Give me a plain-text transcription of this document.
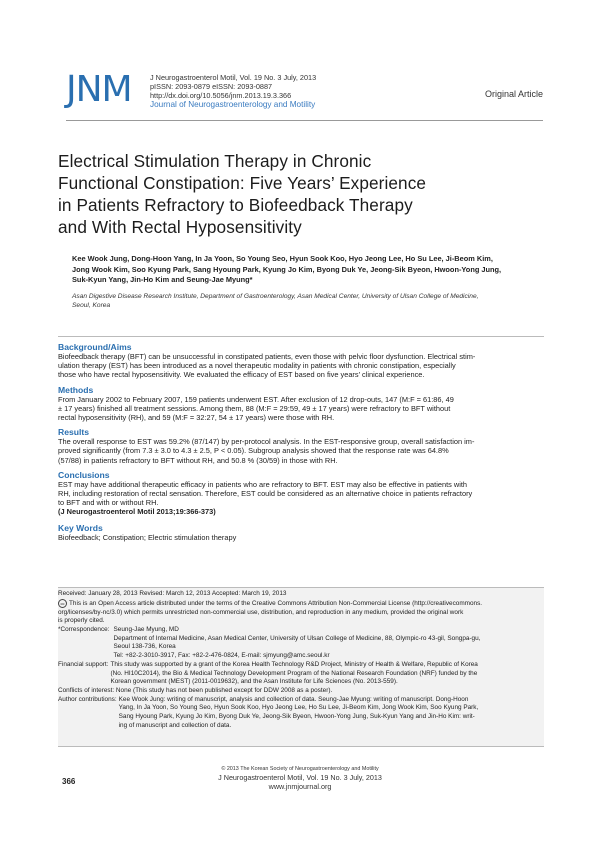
JNM	J Neurogastroenterol Motil, Vol. 19 No. 3 July, 2013
pISSN: 2093-0879 eISSN: 2093-0887
http://dx.doi.org/10.5056/jnm.2013.19.3.366
Journal of Neurogastroenterology and Motility
Original Article
Electrical Stimulation Therapy in Chronic
Functional Constipation: Five Years’ Experience
in Patients Refractory to Biofeedback Therapy
and With Rectal Hyposensitivity
Kee Wook Jung, Dong-Hoon Yang, In Ja Yoon, So Young Seo, Hyun Sook Koo, Hyo Jeong Lee, Ho Su Lee, Ji-Beom Kim,
Jong Wook Kim, Soo Kyung Park, Sang Hyoung Park, Kyung Jo Kim, Byong Duk Ye, Jeong-Sik Byeon, Hwoon-Yong Jung,
Suk-Kyun Yang, Jin-Ho Kim and Seung-Jae Myung*
Asan Digestive Disease Research Institute, Department of Gastroenterology, Asan Medical Center, University of Ulsan College of Medicine,
Seoul, Korea
Background/Aims
Biofeedback therapy (BFT) can be unsuccessful in constipated patients, even those with pelvic floor dysfunction. Electrical stim-
ulation therapy (EST) has been introduced as a novel therapeutic modality in patients with chronic constipation, especially
those who have rectal hyposensitivity. We evaluated the efficacy of EST based on five years’ clinical experience.
Methods
From January 2002 to February 2007, 159 patients underwent EST. After exclusion of 12 drop-outs, 147 (M:F = 61:86, 49
± 17 years) finished all treatment sessions. Among them, 88 (M:F = 29:59, 49 ± 17 years) were refractory to BFT without
rectal hyposensitivity (RH), and 59 (M:F = 32:27, 54 ± 17 years) were those with RH.
Results
The overall response to EST was 59.2% (87/147) by per-protocol analysis. In the EST-responsive group, overall satisfaction im-
proved significantly (from 7.3 ± 3.0 to 4.3 ± 2.5, P < 0.05). Subgroup analysis showed that the response rate was 64.8%
(57/88) in patients refractory to BFT without RH, and 50.8 % (30/59) in those with RH.
Conclusions
EST may have additional therapeutic efficacy in patients who are refractory to BFT. EST may also be effective in patients with
RH, including restoration of rectal sensation. Therefore, EST could be considered as an alternative choice in patients refractory
to BFT and with or without RH.
(J Neurogastroenterol Motil 2013;19:366-373)
Key Words
Biofeedback; Constipation; Electric stimulation therapy
Received: January 28, 2013 Revised: March 12, 2013 Accepted: March 19, 2013
cc This is an Open Access article distributed under the terms of the Creative Commons Attribution Non-Commercial License (http://creativecommons.
org/licenses/by-nc/3.0) which permits unrestricted non-commercial use, distribution, and reproduction in any medium, provided the original work
is properly cited.
*Correspondence: Seung-Jae Myung, MD
Department of Internal Medicine, Asan Medical Center, University of Ulsan College of Medicine, 88, Olympic-ro 43-gil, Songpa-gu,
Seoul 138-736, Korea
Tel: +82-2-3010-3917, Fax: +82-2-476-0824, E-mail: sjmyung@amc.seoul.kr
Financial support: This study was supported by a grant of the Korea Health Technology R&D Project, Ministry of Health & Welfare, Republic of Korea
(No. HI10C2014), the Bio & Medical Technology Development Program of the National Research Foundation (NRF) funded by the
Korean government (MEST) (2011-0019632), and the Asan Institute for Life Sciences (No. 2013-559).
Conflicts of interest: None (This study has not been published except for DDW 2008 as a poster).
Author contributions: Kee Wook Jung: writing of manuscript, analysis and collection of data. Seung-Jae Myung: writing of manuscript. Dong-Hoon
Yang, In Ja Yoon, So Young Seo, Hyun Sook Koo, Hyo Jeong Lee, Ho Su Lee, Ji-Beom Kim, Jong Wook Kim, Soo Kyung Park,
Sang Hyoung Park, Kyung Jo Kim, Byong Duk Ye, Jeong-Sik Byeon, Hwoon-Yong Jung, Suk-Kyun Yang and Jin-Ho Kim: writ-
ing of manuscript and collection of data.
366
© 2013 The Korean Society of Neurogastroenterology and Motility
J Neurogastroenterol Motil, Vol. 19 No. 3 July, 2013
www.jnmjournal.org
